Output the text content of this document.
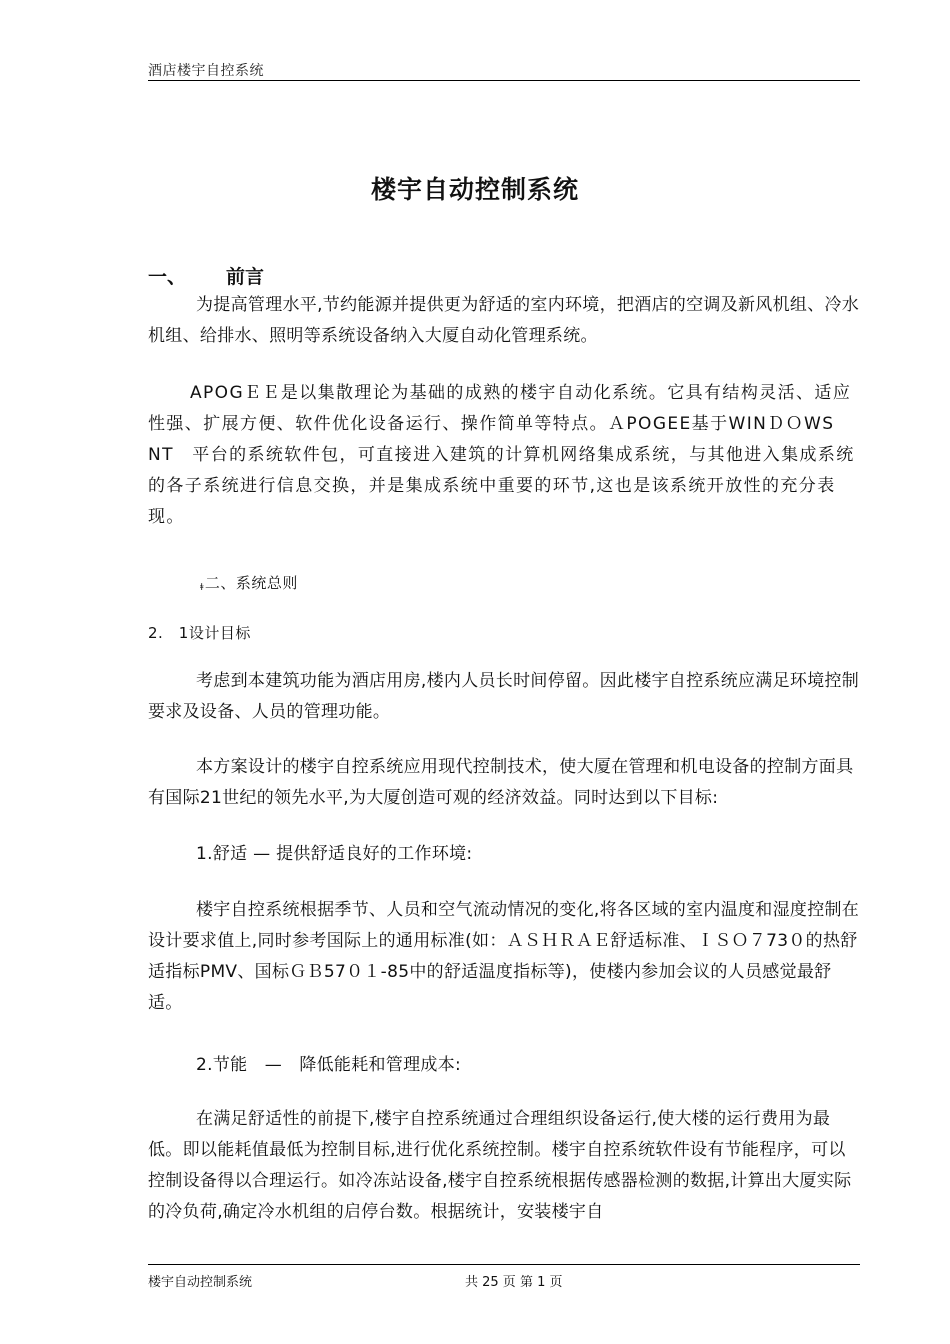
酒店楼宇自控系统
楼宇自动控制系统
一、 前言

为提高管理水平,节约能源并提供更为舒适的室内环境，把酒店的空调及新风机组、冷水机组、给排水、照明等系统设备纳入大厦自动化管理系统。

APOGＥＥ是以集散理论为基础的成熟的楼宇自动化系统。它具有结构灵活、适应性强、扩展方便、软件优化设备运行、操作简单等特点。ＡPOGEE基于WINＤＯWS NT　平台的系统软件包，可直接进入建筑的计算机网络集成系统，与其他进入集成系统的各子系统进行信息交换，并是集成系统中重要的环节,这也是该系统开放性的充分表现。

ꬸ二、系统总则
2.　1设计目标

考虑到本建筑功能为酒店用房,楼内人员长时间停留。因此楼宇自控系统应满足环境控制要求及设备、人员的管理功能。

本方案设计的楼宇自控系统应用现代控制技术，使大厦在管理和机电设备的控制方面具有国际21世纪的领先水平,为大厦创造可观的经济效益。同时达到以下目标:

1.舒适 — 提供舒适良好的工作环境:

楼宇自控系统根据季节、人员和空气流动情况的变化,将各区域的室内温度和湿度控制在设计要求值上,同时参考国际上的通用标准(如：ＡＳＨＲＡＥ舒适标准、ＩＳＯ７73０的热舒适指标PMV、国标ＧＢ57０１-85中的舒适温度指标等)，使楼内参加会议的人员感觉最舒适。

2.节能　—　降低能耗和管理成本:

在满足舒适性的前提下,楼宇自控系统通过合理组织设备运行,使大楼的运行费用为最低。即以能耗值最低为控制目标,进行优化系统控制。楼宇自控系统软件设有节能程序，可以控制设备得以合理运行。如冷冻站设备,楼宇自控系统根据传感器检测的数据,计算出大厦实际的冷负荷,确定冷水机组的启停台数。根据统计，安装楼宇自

楼宇自动控制系统	共 25 页 第 1 页
